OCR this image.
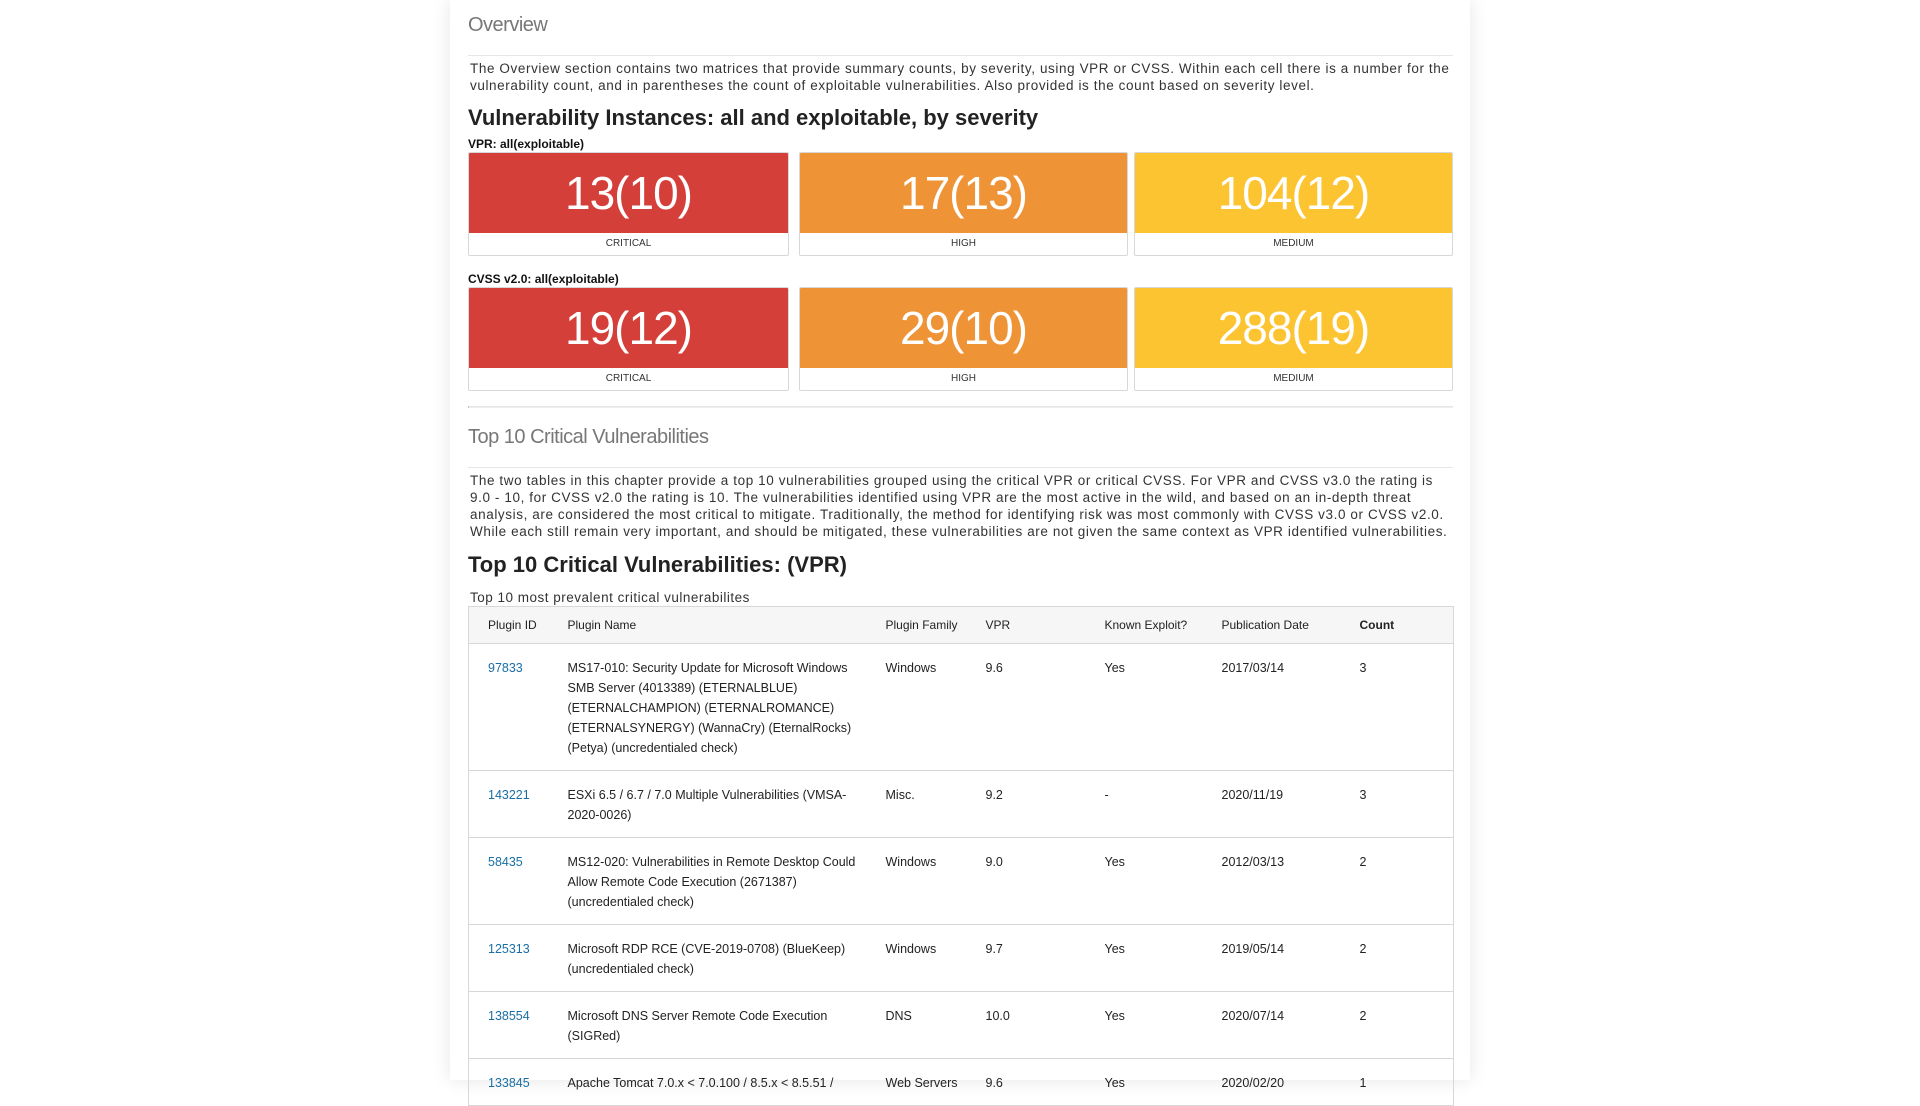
Overview

The Overview section contains two matrices that provide summary counts, by severity, using VPR or CVSS. Within each cell there is a number for the vulnerability count, and in parentheses the count of exploitable vulnerabilities. Also provided is the count based on severity level.

Vulnerability Instances: all and exploitable, by severity
VPR: all(exploitable)
13(10)
CRITICAL
17(13)
HIGH
104(12)
MEDIUM
CVSS v2.0: all(exploitable)
19(12)
CRITICAL
29(10)
HIGH
288(19)
MEDIUM
Top 10 Critical Vulnerabilities

The two tables in this chapter provide a top 10 vulnerabilities grouped using the critical VPR or critical CVSS. For VPR and CVSS v3.0 the rating is 9.0 - 10, for CVSS v2.0 the rating is 10. The vulnerabilities identified using VPR are the most active in the wild, and based on an in-depth threat analysis, are considered the most critical to mitigate. Traditionally, the method for identifying risk was most commonly with CVSS v3.0 or CVSS v2.0. While each still remain very important, and should be mitigated, these vulnerabilities are not given the same context as VPR identified vulnerabilities.

Top 10 Critical Vulnerabilities: (VPR)
Top 10 most prevalent critical vulnerabilites
Plugin ID	Plugin Name	Plugin Family	VPR	Known Exploit?	Publication Date	Count
97833	MS17-010: Security Update for Microsoft Windows SMB Server (4013389) (ETERNALBLUE) (ETERNALCHAMPION) (ETERNALROMANCE) (ETERNALSYNERGY) (WannaCry) (EternalRocks) (Petya) (uncredentialed check)	Windows	9.6	Yes	2017/03/14	3
143221	ESXi 6.5 / 6.7 / 7.0 Multiple Vulnerabilities (VMSA-2020-0026)	Misc.	9.2	-	2020/11/19	3
58435	MS12-020: Vulnerabilities in Remote Desktop Could Allow Remote Code Execution (2671387) (uncredentialed check)	Windows	9.0	Yes	2012/03/13	2
125313	Microsoft RDP RCE (CVE-2019-0708) (BlueKeep) (uncredentialed check)	Windows	9.7	Yes	2019/05/14	2
138554	Microsoft DNS Server Remote Code Execution (SIGRed)	DNS	10.0	Yes	2020/07/14	2
133845	Apache Tomcat 7.0.x < 7.0.100 / 8.5.x < 8.5.51 /	Web Servers	9.6	Yes	2020/02/20	1
